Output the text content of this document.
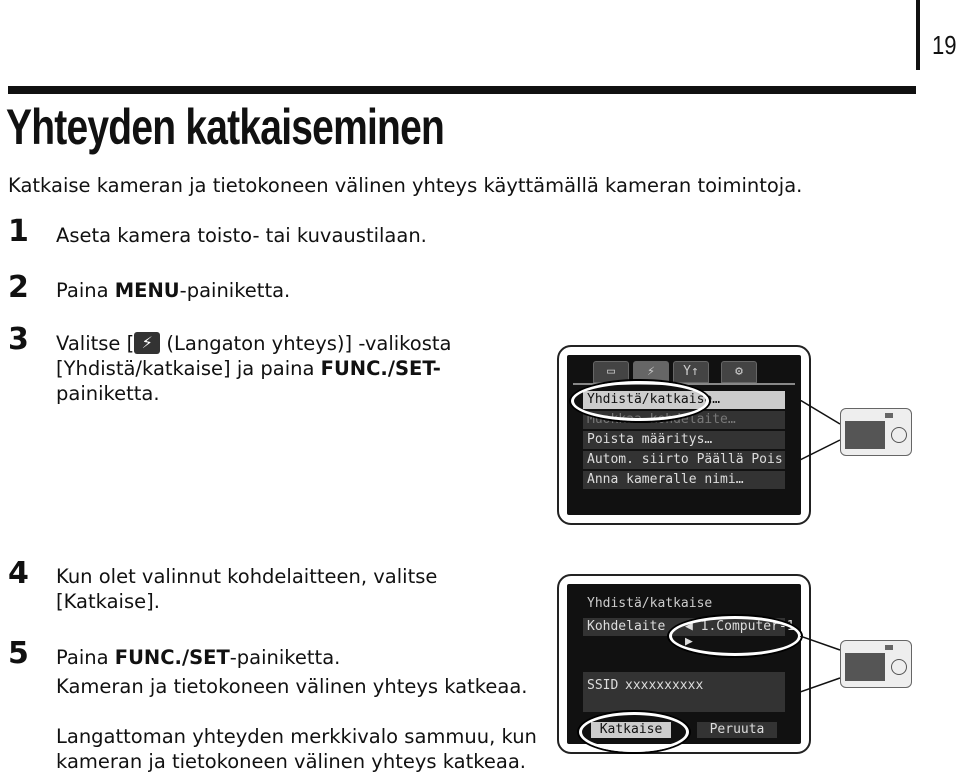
19
Yhteyden katkaiseminen
Katkaise kameran ja tietokoneen välinen yhteys käyttämällä kameran toimintoja.
1 Aseta kamera toisto- tai kuvaustilaan.
2 Paina MENU-painiketta.
3 Valitse [ ⚡ (Langaton yhteys)] -valikosta
[Yhdistä/katkaise] ja paina FUNC./SET-
painiketta.
▭	⚡	Y↑	⚙
Yhdistä/katkaise…
Muokkaa kohdelaite…
Poista määritys…
Autom. siirto Päällä Pois
Anna kameralle nimi…
4 Kun olet valinnut kohdelaitteen, valitse
[Katkaise].
5 Paina FUNC./SET-painiketta.
Kameran ja tietokoneen välinen yhteys katkeaa.
Langattoman yhteyden merkkivalo sammuu, kun
kameran ja tietokoneen välinen yhteys katkeaa.
Yhdistä/katkaise
Kohdelaite ◀ 1.Computer-1 ▶
SSID xxxxxxxxxx
Katkaise	Peruuta
